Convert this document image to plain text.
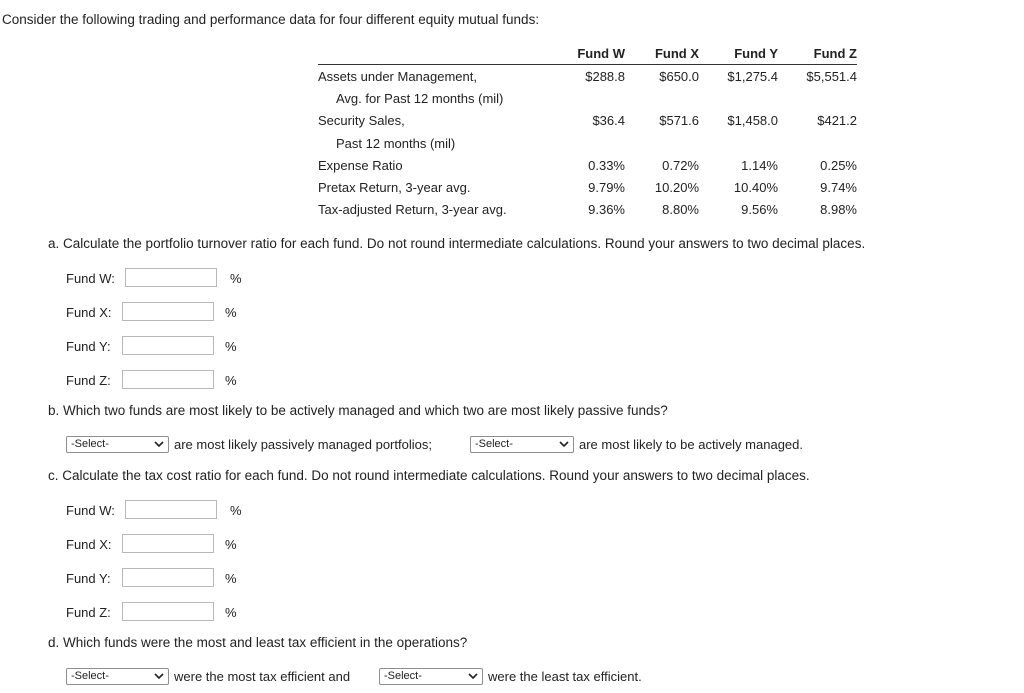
Consider the following trading and performance data for four different equity mutual funds:
	Fund W	Fund X	Fund Y	Fund Z
Assets under Management,	$288.8	$650.0	$1,275.4	$5,551.4
Avg. for Past 12 months (mil)				
Security Sales,	$36.4	$571.6	$1,458.0	$421.2
Past 12 months (mil)				
Expense Ratio	0.33%	0.72%	1.14%	0.25%
Pretax Return, 3-year avg.	9.79%	10.20%	10.40%	9.74%
Tax-adjusted Return, 3-year avg.	9.36%	8.80%	9.56%	8.98%
a. Calculate the portfolio turnover ratio for each fund. Do not round intermediate calculations. Round your answers to two decimal places.
Fund W:	%
Fund X:	%
Fund Y:	%
Fund Z:	%
b. Which two funds are most likely to be actively managed and which two are most likely passive funds?
-Select-	are most likely passively managed portfolios;	-Select-	are most likely to be actively managed.
c. Calculate the tax cost ratio for each fund. Do not round intermediate calculations. Round your answers to two decimal places.
Fund W:	%
Fund X:	%
Fund Y:	%
Fund Z:	%
d. Which funds were the most and least tax efficient in the operations?
-Select-	were the most tax efficient and	-Select-	were the least tax efficient.
